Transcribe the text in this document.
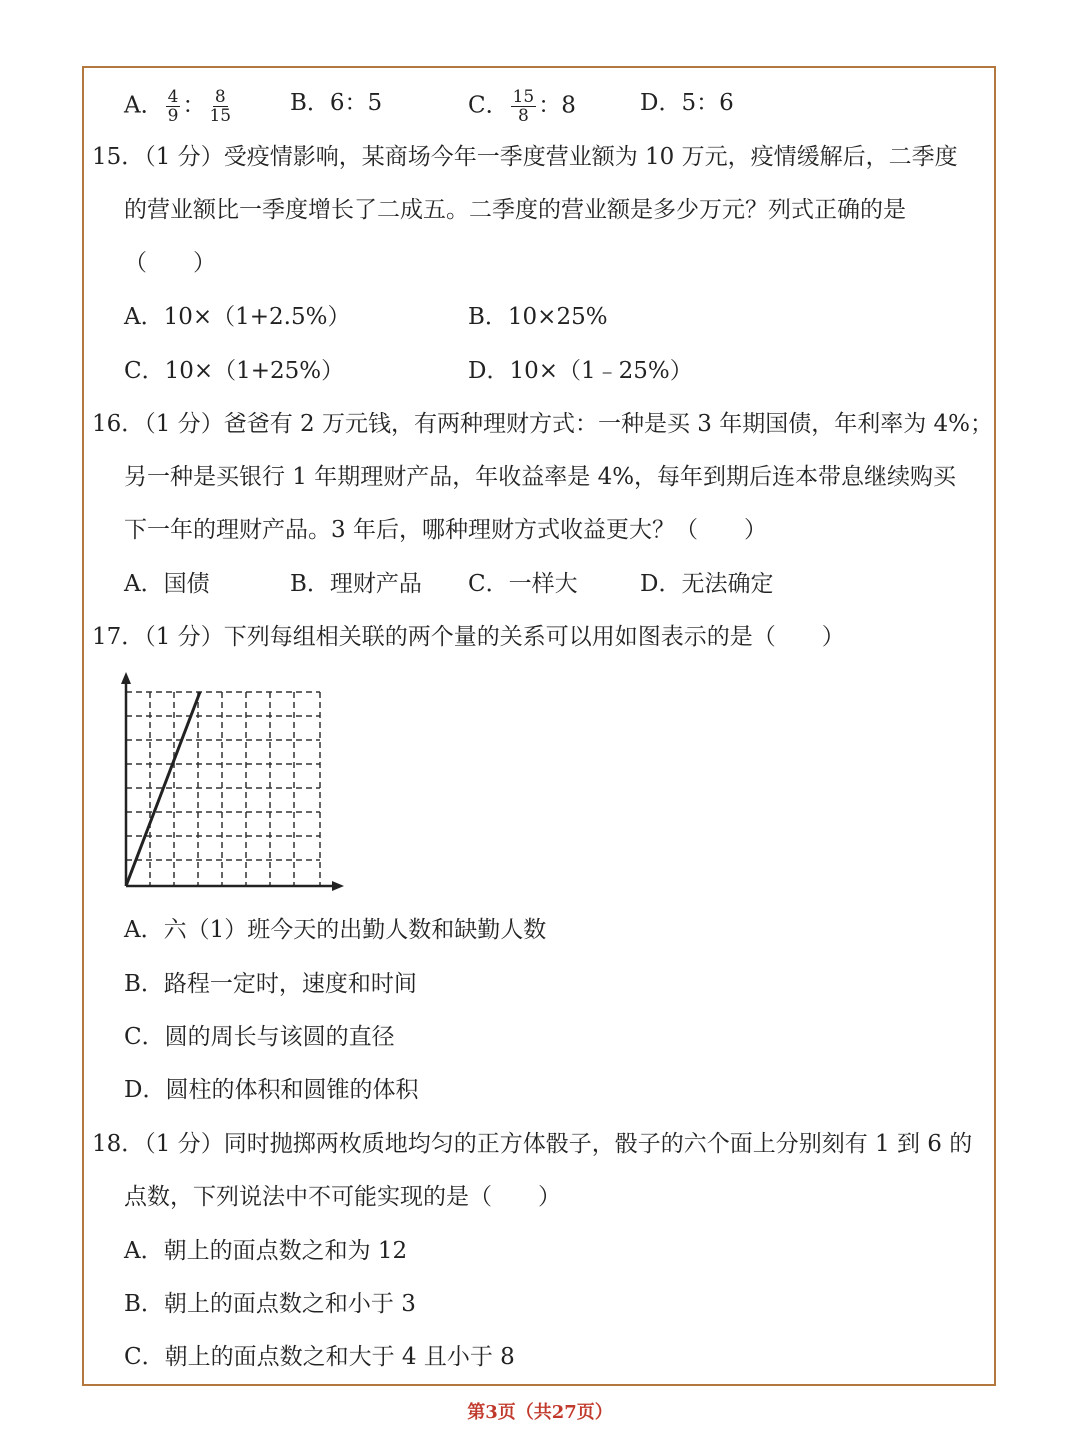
A． $\frac{4}{9}$ ： $\frac{8}{15}$ B．6：5	C． $\frac{15}{8}$ ：8	D．5：6
15．（1 分）受疫情影响，某商场今年一季度营业额为 10 万元，疫情缓解后，二季度
的营业额比一季度增长了二成五。二季度的营业额是多少万元？列式正确的是
（　　）
A．10×（1+2.5%）	B．10×25%
C．10×（1+25%）	D．10×（1﹣25%）
16．（1 分）爸爸有 2 万元钱，有两种理财方式：一种是买 3 年期国债，年利率为 4%；
另一种是买银行 1 年期理财产品，年收益率是 4%，每年到期后连本带息继续购买
下一年的理财产品。3 年后，哪种理财方式收益更大？（　　）
A．国债	B．理财产品 C．一样大	D．无法确定
17．（1 分）下列每组相关联的两个量的关系可以用如图表示的是（　　）
A．六（1）班今天的出勤人数和缺勤人数
B．路程一定时，速度和时间
C．圆的周长与该圆的直径
D．圆柱的体积和圆锥的体积
18．（1 分）同时抛掷两枚质地均匀的正方体骰子，骰子的六个面上分别刻有 1 到 6 的
点数，下列说法中不可能实现的是（　　）
A．朝上的面点数之和为 12
B．朝上的面点数之和小于 3
C．朝上的面点数之和大于 4 且小于 8
第3页（共27页）
